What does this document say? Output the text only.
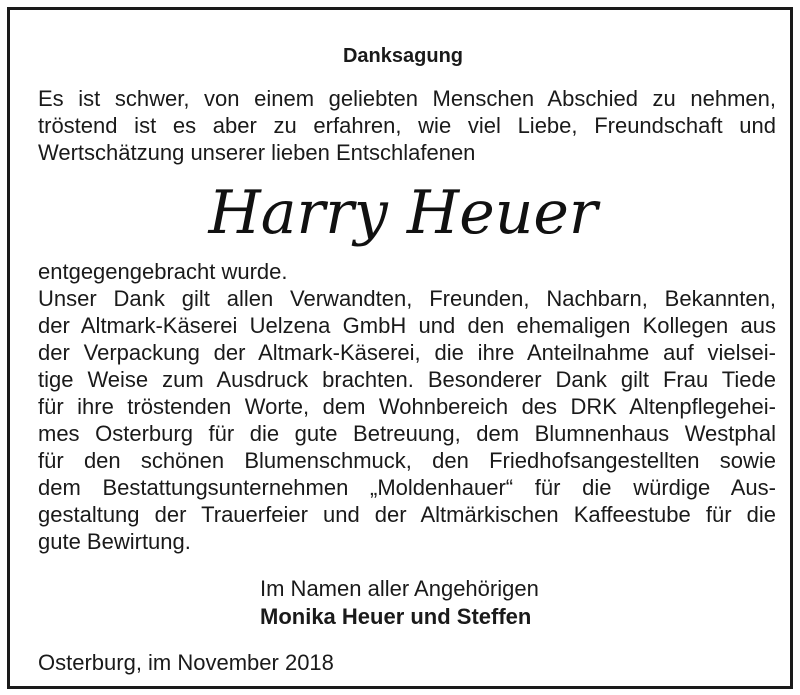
Danksagung
Es ist schwer, von einem geliebten Menschen Abschied zu nehmen,
tröstend ist es aber zu erfahren, wie viel Liebe, Freundschaft und
Wertschätzung unserer lieben Entschlafenen
Harry Heuer
entgegengebracht wurde.
Unser Dank gilt allen Verwandten, Freunden, Nachbarn, Bekannten,
der Altmark-Käserei Uelzena GmbH und den ehemaligen Kollegen aus
der Verpackung der Altmark-Käserei, die ihre Anteilnahme auf vielsei-
tige Weise zum Ausdruck brachten. Besonderer Dank gilt Frau Tiede
für ihre tröstenden Worte, dem Wohnbereich des DRK Altenpflegehei-
mes Osterburg für die gute Betreuung, dem Blumnenhaus Westphal
für den schönen Blumenschmuck, den Friedhofsangestellten sowie
dem Bestattungsunternehmen „Moldenhauer“ für die würdige Aus-
gestaltung der Trauerfeier und der Altmärkischen Kaffeestube für die
gute Bewirtung.
Im Namen aller Angehörigen
Monika Heuer und Steffen
Osterburg, im November 2018
